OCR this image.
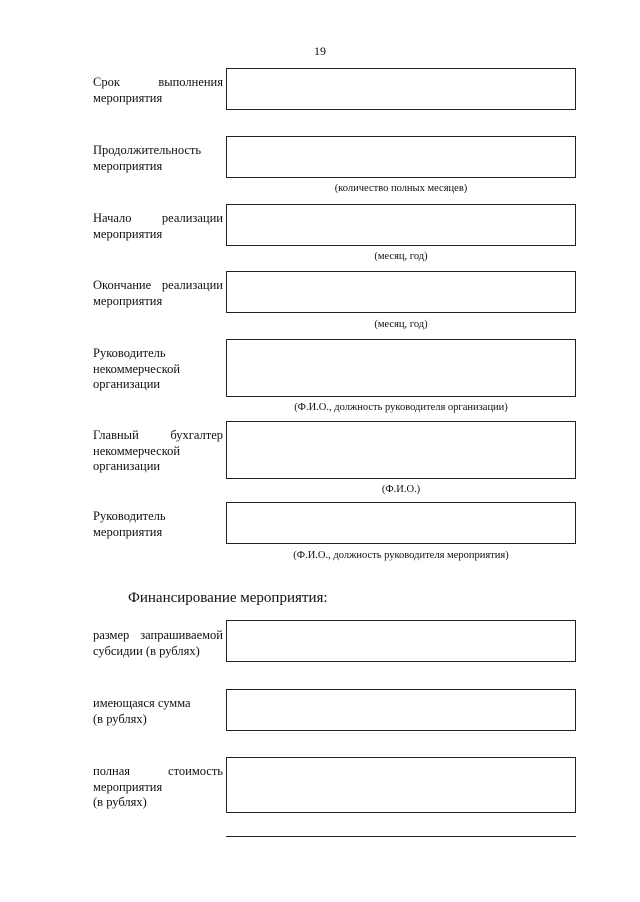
19
Срок выполнения
мероприятия
Продолжительность
мероприятия
(количество полных месяцев)
Начало реализации
мероприятия
(месяц, год)
Окончание реализации
мероприятия
(месяц, год)
Руководитель
некоммерческой
организации
(Ф.И.О., должность руководителя организации)
Главный бухгалтер
некоммерческой
организации
(Ф.И.О.)
Руководитель
мероприятия
(Ф.И.О., должность руководителя мероприятия)
Финансирование мероприятия:
размер запрашиваемой
субсидии (в рублях)
имеющаяся сумма
(в рублях)
полная стоимость
мероприятия
(в рублях)
